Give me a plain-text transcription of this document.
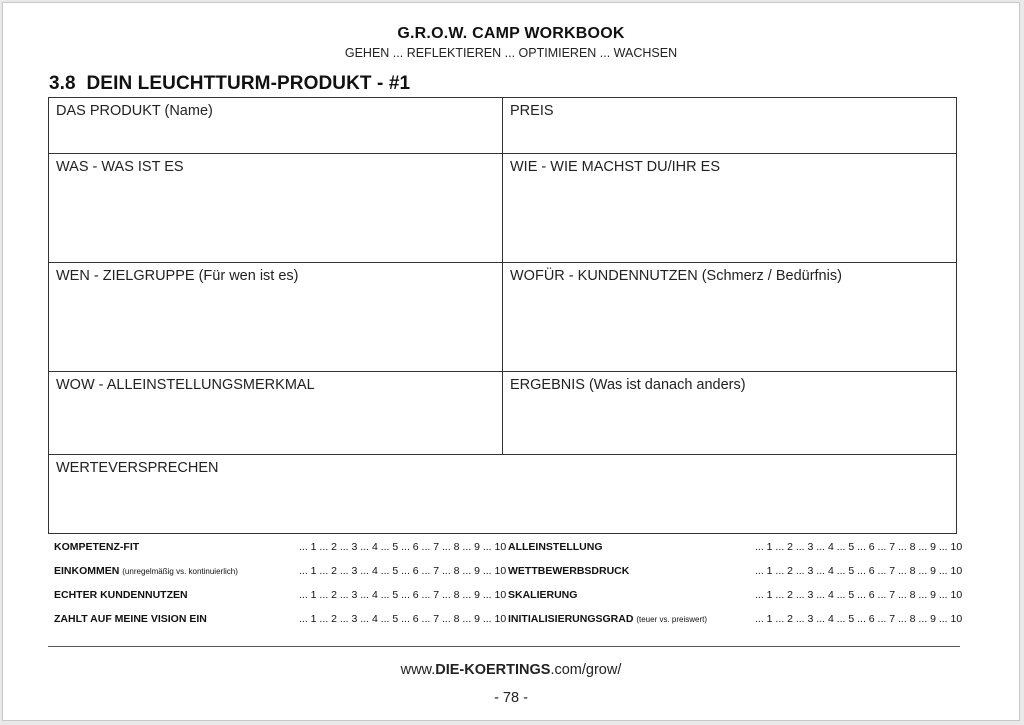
G.R.O.W. CAMP WORKBOOK
GEHEN ... REFLEKTIEREN ... OPTIMIEREN ... WACHSEN
3.8  DEIN LEUCHTTURM-PRODUKT - #1
DAS PRODUKT (Name)	PREIS
WAS - WAS IST ES	WIE - WIE MACHST DU/IHR ES
WEN - ZIELGRUPPE (Für wen ist es)	WOFÜR - KUNDENNUTZEN (Schmerz / Bedürfnis)
WOW - ALLEINSTELLUNGSMERKMAL	ERGEBNIS (Was ist danach anders)
WERTEVERSPRECHEN
KOMPETENZ-FIT	... 1 ... 2 ... 3 ... 4 ... 5 ... 6 ... 7 ... 8 ... 9 ... 10 ALLEINSTELLUNG	... 1 ... 2 ... 3 ... 4 ... 5 ... 6 ... 7 ... 8 ... 9 ... 10
EINKOMMEN (unregelmäßig vs. kontinuierlich)	... 1 ... 2 ... 3 ... 4 ... 5 ... 6 ... 7 ... 8 ... 9 ... 10 WETTBEWERBSDRUCK	... 1 ... 2 ... 3 ... 4 ... 5 ... 6 ... 7 ... 8 ... 9 ... 10
ECHTER KUNDENNUTZEN	... 1 ... 2 ... 3 ... 4 ... 5 ... 6 ... 7 ... 8 ... 9 ... 10 SKALIERUNG	... 1 ... 2 ... 3 ... 4 ... 5 ... 6 ... 7 ... 8 ... 9 ... 10
ZAHLT AUF MEINE VISION EIN	... 1 ... 2 ... 3 ... 4 ... 5 ... 6 ... 7 ... 8 ... 9 ... 10 INITIALISIERUNGSGRAD (teuer vs. preiswert)	... 1 ... 2 ... 3 ... 4 ... 5 ... 6 ... 7 ... 8 ... 9 ... 10
www.DIE-KOERTINGS.com/grow/
- 78 -
